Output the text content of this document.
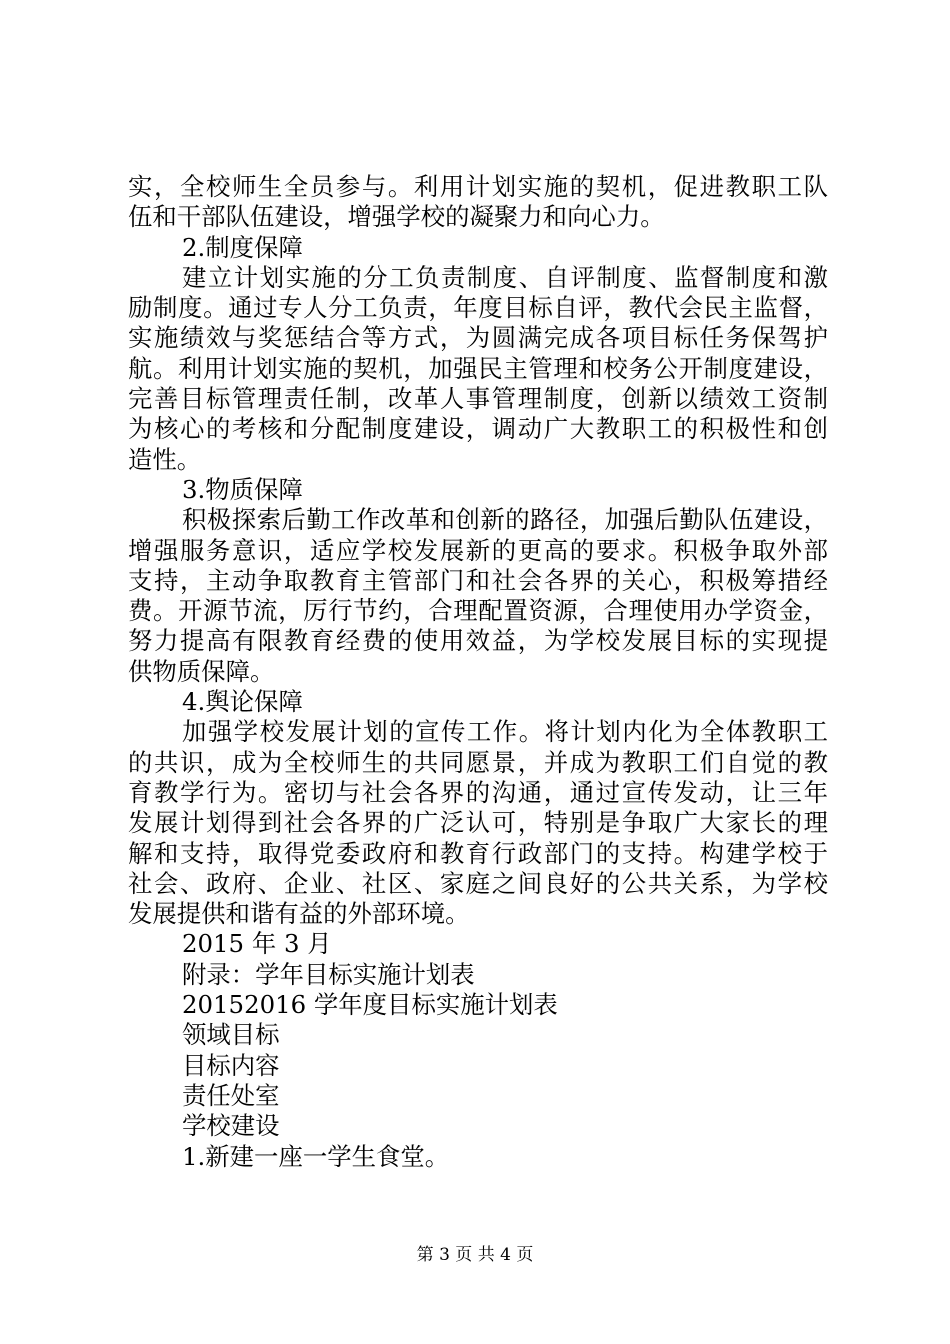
实，全校师生全员参与。利用计划实施的契机，促进教职工队
伍和干部队伍建设，增强学校的凝聚力和向心力。
2.制度保障
建立计划实施的分工负责制度、自评制度、监督制度和激
励制度。通过专人分工负责，年度目标自评，教代会民主监督，
实施绩效与奖惩结合等方式，为圆满完成各项目标任务保驾护
航。利用计划实施的契机，加强民主管理和校务公开制度建设，
完善目标管理责任制，改革人事管理制度，创新以绩效工资制
为核心的考核和分配制度建设，调动广大教职工的积极性和创
造性。
3.物质保障
积极探索后勤工作改革和创新的路径，加强后勤队伍建设，
增强服务意识，适应学校发展新的更高的要求。积极争取外部
支持，主动争取教育主管部门和社会各界的关心，积极筹措经
费。开源节流，厉行节约，合理配置资源，合理使用办学资金，
努力提高有限教育经费的使用效益，为学校发展目标的实现提
供物质保障。
4.舆论保障
加强学校发展计划的宣传工作。将计划内化为全体教职工
的共识，成为全校师生的共同愿景，并成为教职工们自觉的教
育教学行为。密切与社会各界的沟通，通过宣传发动，让三年
发展计划得到社会各界的广泛认可，特别是争取广大家长的理
解和支持，取得党委政府和教育行政部门的支持。构建学校于
社会、政府、企业、社区、家庭之间良好的公共关系，为学校
发展提供和谐有益的外部环境。
2015 年 3 月
附录：学年目标实施计划表
20152016 学年度目标实施计划表
领域目标
目标内容
责任处室
学校建设
1.新建一座一学生食堂。
第 3 页 共 4 页
